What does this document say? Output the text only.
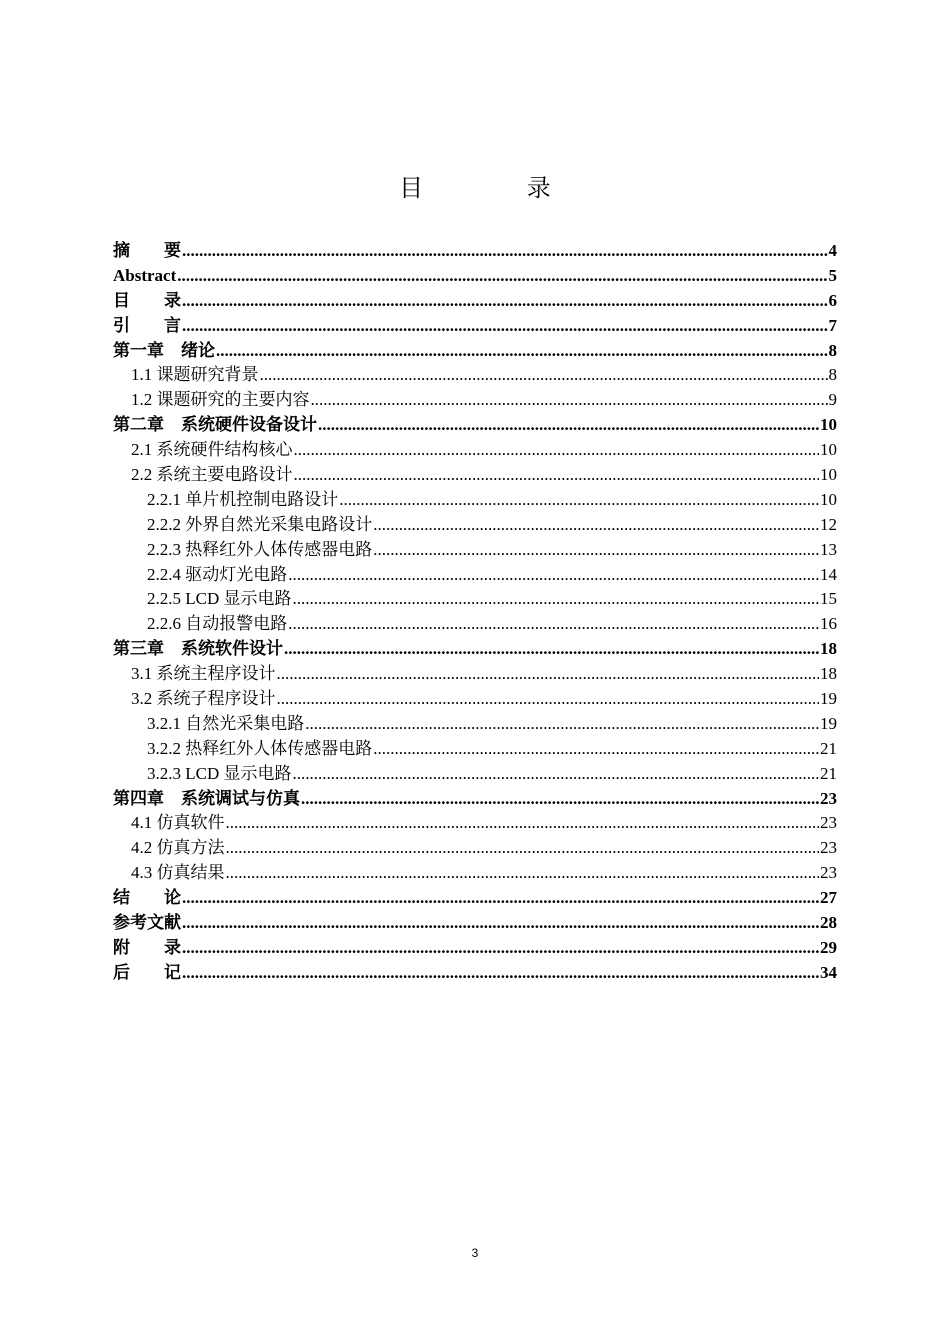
目 录
摘　　要 .....	4
Abstract .....	5
目　　录 .....	6
引　　言 .....	7
第一章　绪论 .....	8
1.1 课题研究背景 .....	8
1.2 课题研究的主要内容 .....	9
第二章　系统硬件设备设计 .....	10
2.1 系统硬件结构核心 .....	10
2.2 系统主要电路设计 .....	10
2.2.1 单片机控制电路设计 .....	10
2.2.2 外界自然光采集电路设计 .....	12
2.2.3 热释红外人体传感器电路 .....	13
2.2.4 驱动灯光电路 .....	14
2.2.5 LCD 显示电路 .....	15
2.2.6 自动报警电路 .....	16
第三章　系统软件设计 .....	18
3.1 系统主程序设计 .....	18
3.2 系统子程序设计 .....	19
3.2.1 自然光采集电路 .....	19
3.2.2 热释红外人体传感器电路 .....	21
3.2.3 LCD 显示电路 .....	21
第四章　系统调试与仿真 .....	23
4.1 仿真软件 .....	23
4.2 仿真方法 .....	23
4.3 仿真结果 .....	23
结　　论 .....	27
参考文献 .....	28
附　　录 .....	29
后　　记 .....	34
3
